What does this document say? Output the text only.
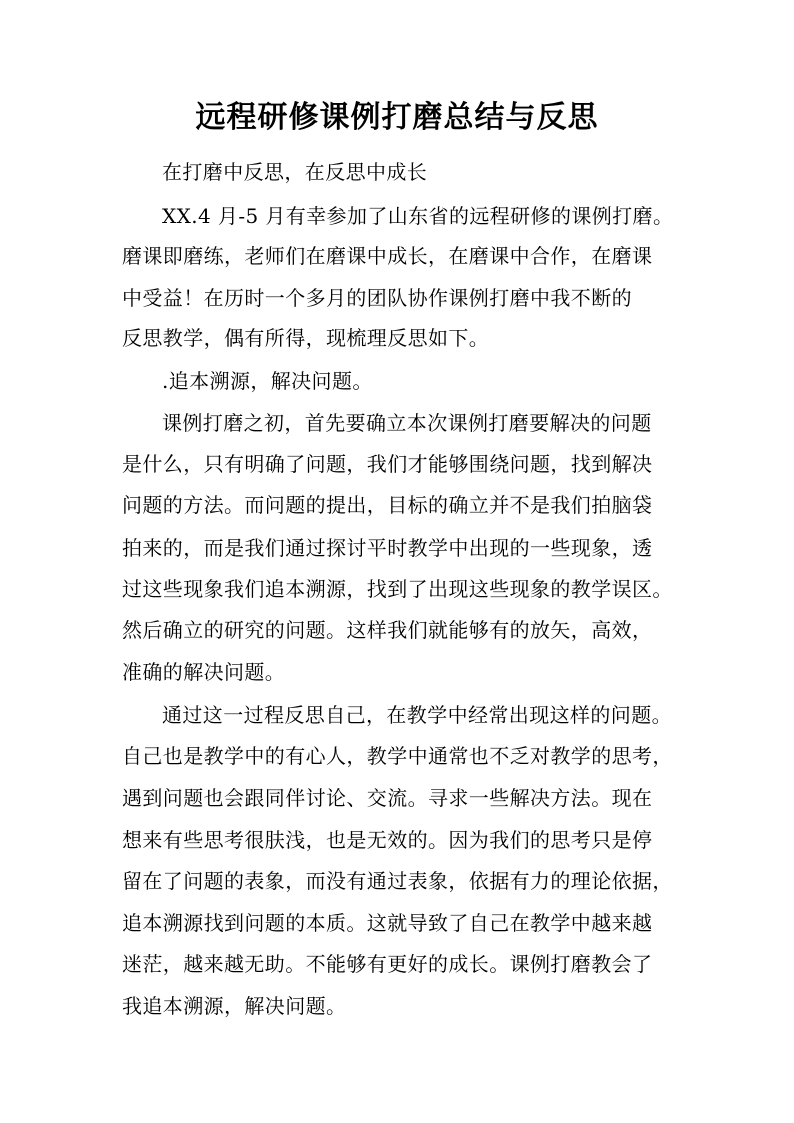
远程研修课例打磨总结与反思
在打磨中反思，在反思中成长
XX.4 月-5 月有幸参加了山东省的远程研修的课例打磨。
磨课即磨练，老师们在磨课中成长，在磨课中合作，在磨课
中受益！在历时一个多月的团队协作课例打磨中我不断的
反思教学，偶有所得，现梳理反思如下。
.追本溯源，解决问题。
课例打磨之初，首先要确立本次课例打磨要解决的问题
是什么，只有明确了问题，我们才能够围绕问题，找到解决
问题的方法。而问题的提出，目标的确立并不是我们拍脑袋
拍来的，而是我们通过探讨平时教学中出现的一些现象，透
过这些现象我们追本溯源，找到了出现这些现象的教学误区。
然后确立的研究的问题。这样我们就能够有的放矢，高效，
准确的解决问题。
通过这一过程反思自己，在教学中经常出现这样的问题。
自己也是教学中的有心人，教学中通常也不乏对教学的思考，
遇到问题也会跟同伴讨论、交流。寻求一些解决方法。现在
想来有些思考很肤浅，也是无效的。因为我们的思考只是停
留在了问题的表象，而没有通过表象，依据有力的理论依据，
追本溯源找到问题的本质。这就导致了自己在教学中越来越
迷茫，越来越无助。不能够有更好的成长。课例打磨教会了
我追本溯源，解决问题。
